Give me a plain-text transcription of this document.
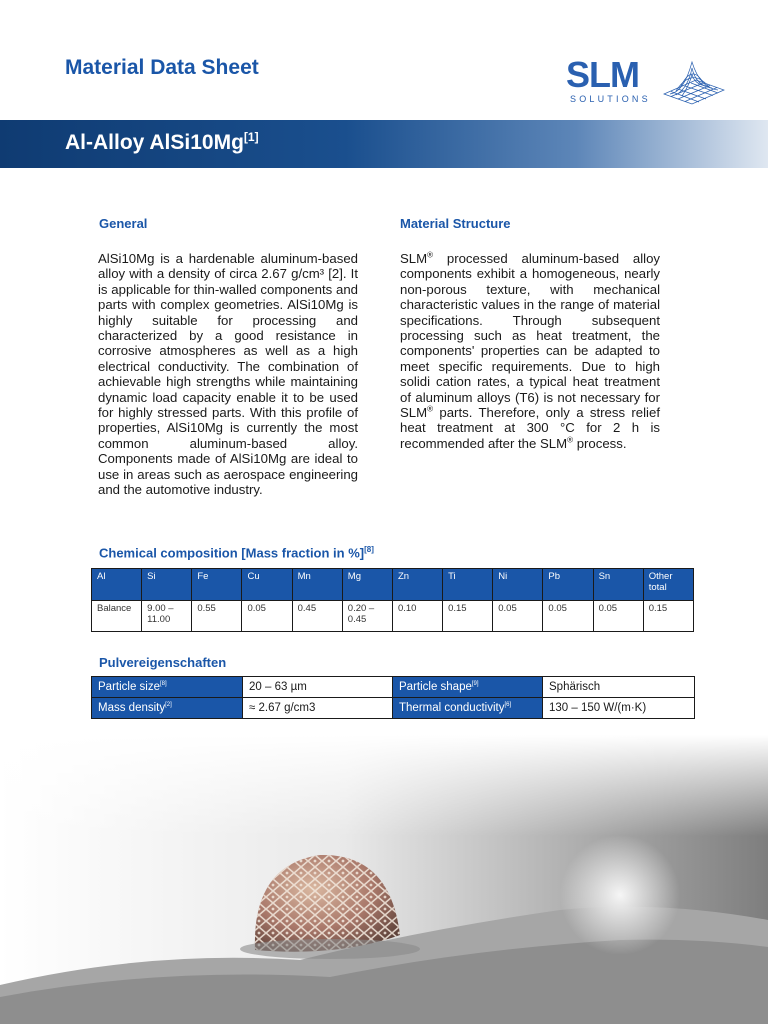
Material Data Sheet	SLM
SOLUTIONS
Al-Alloy AlSi10Mg[1]
General
AlSi10Mg is a hardenable aluminum-based alloy with a density of circa 2.67 g/cm³ [2]. It is applicable for thin-walled components and parts with complex geometries. AlSi10Mg is highly suitable for processing and characterized by a good resistance in corrosive atmospheres as well as a high electrical conductivity. The combination of achievable high strengths while maintaining dynamic load capacity enable it to be used for highly stressed parts. With this profile of properties, AlSi10Mg is currently the most common aluminum-based alloy. Components made of AlSi10Mg are ideal to use in areas such as aerospace engineering and the automotive industry.
Material Structure
SLM® processed aluminum-based alloy components exhibit a homogeneous, nearly non-porous texture, with mechanical characteristic values in the range of material specifications. Through subsequent processing such as heat treatment, the components' properties can be adapted to meet specific requirements. Due to high solidi cation rates, a typical heat treatment of aluminum alloys (T6) is not necessary for SLM® parts. Therefore, only a stress relief heat treatment at 300 °C for 2 h is recommended after the SLM® process.
Chemical composition [Mass fraction in %][8]
Al	Si	Fe	Cu	Mn	Mg	Zn	Ti	Ni	Pb	Sn	Other total
Balance	9.00 – 11.00	0.55	0.05	0.45	0.20 – 0.45	0.10	0.15	0.05	0.05	0.05	0.15
Pulvereigenschaften
Particle size[8]	20 – 63 µm	Particle shape[9]	Sphärisch
Mass density[2]	≈ 2.67 g/cm3	Thermal conductivity[6]	130 – 150 W/(m·K)
